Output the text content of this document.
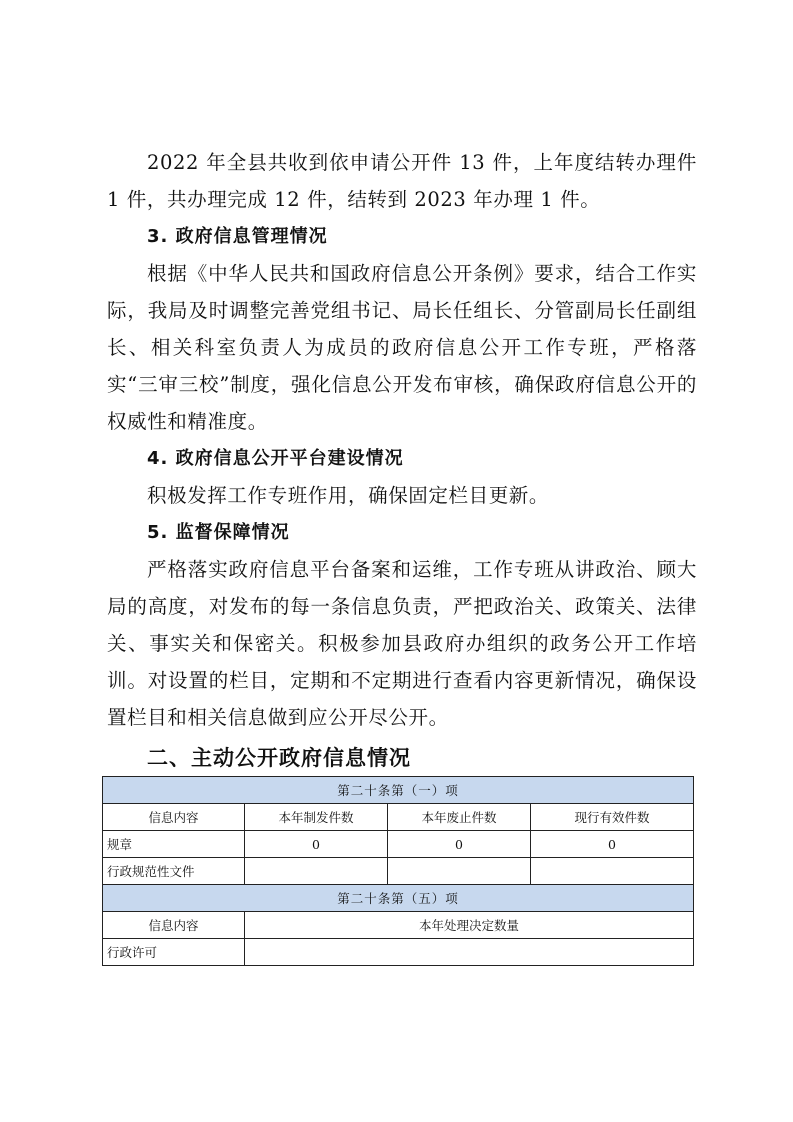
2022 年全县共收到依申请公开件 13 件，上年度结转办理件 1 件，共办理完成 12 件，结转到 2023 年办理 1 件。

3. 政府信息管理情况

根据《中华人民共和国政府信息公开条例》要求，结合工作实际，我局及时调整完善党组书记、局长任组长、分管副局长任副组长、相关科室负责人为成员的政府信息公开工作专班，严格落实“三审三校”制度，强化信息公开发布审核，确保政府信息公开的权威性和精准度。

4. 政府信息公开平台建设情况

积极发挥工作专班作用，确保固定栏目更新。

5. 监督保障情况

严格落实政府信息平台备案和运维，工作专班从讲政治、顾大局的高度，对发布的每一条信息负责，严把政治关、政策关、法律关、事实关和保密关。积极参加县政府办组织的政务公开工作培训。对设置的栏目，定期和不定期进行查看内容更新情况，确保设置栏目和相关信息做到应公开尽公开。

二、主动公开政府信息情况
第二十条第（一）项			
信息内容	本年制发件数	本年废止件数	现行有效件数
规章	0	0	0
行政规范性文件			
第二十条第（五）项			
信息内容	本年处理决定数量		
行政许可			
